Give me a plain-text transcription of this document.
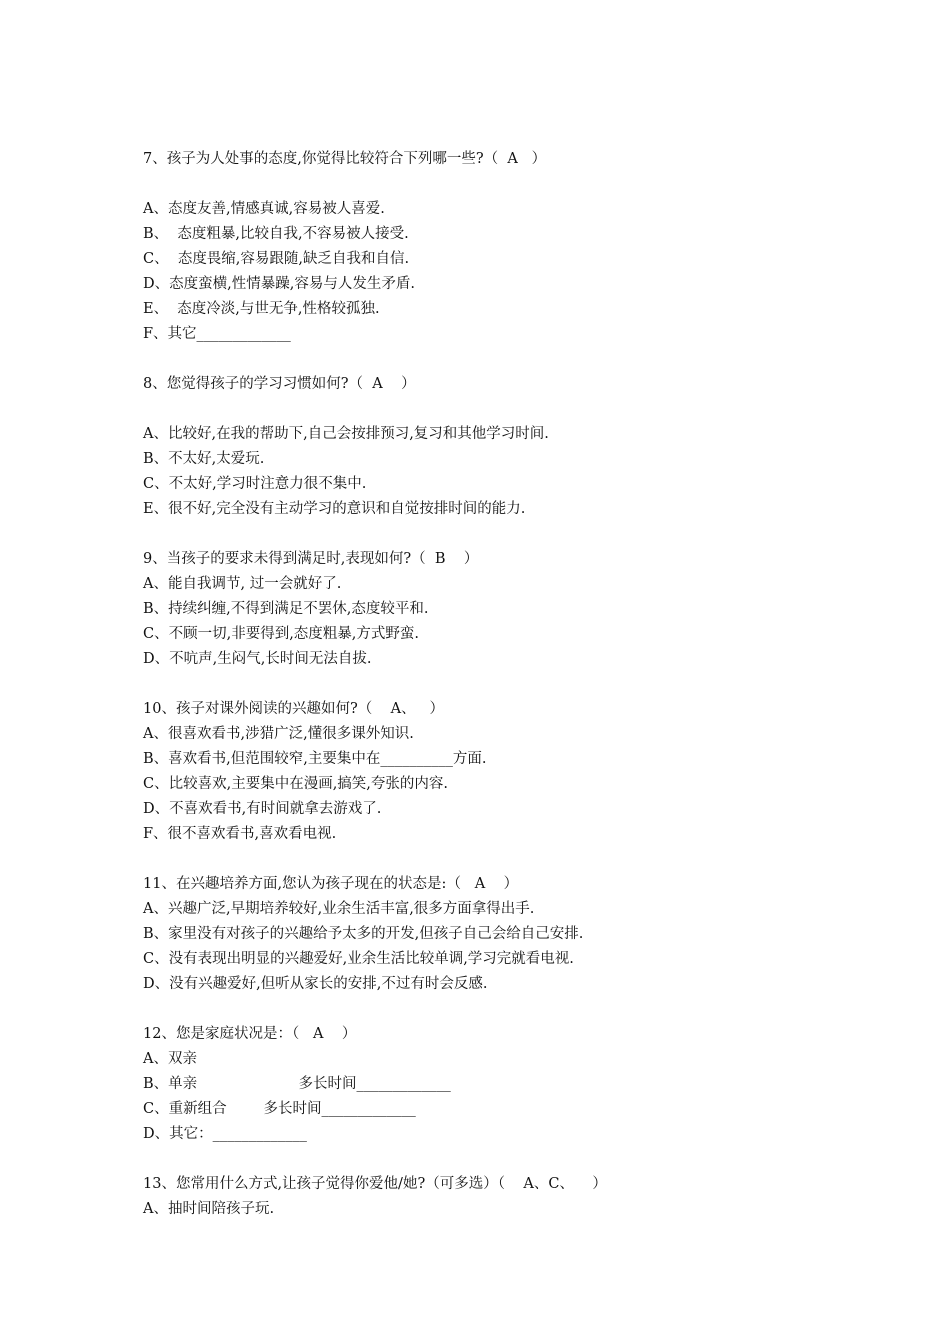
7、孩子为人处事的态度,你觉得比较符合下列哪一些?（  A   ）
A、态度友善,情感真诚,容易被人喜爱.
B、  态度粗暴,比较自我,不容易被人接受.
C、  态度畏缩,容易跟随,缺乏自我和自信.
D、态度蛮横,性情暴躁,容易与人发生矛盾.
E、  态度冷淡,与世无争,性格较孤独.
F、其它_____________
8、您觉得孩子的学习习惯如何?（  A    ）
A、比较好,在我的帮助下,自己会按排预习,复习和其他学习时间.
B、不太好,太爱玩.
C、不太好,学习时注意力很不集中.
E、很不好,完全没有主动学习的意识和自觉按排时间的能力.
9、当孩子的要求未得到满足时,表现如何?（  B    ）
A、能自我调节, 过一会就好了.
B、持续纠缠,不得到满足不罢休,态度较平和.
C、不顾一切,非要得到,态度粗暴,方式野蛮.
D、不吭声,生闷气,长时间无法自拔.
10、孩子对课外阅读的兴趣如何?（    A、   ）
A、很喜欢看书,涉猎广泛,懂很多课外知识.
B、喜欢看书,但范围较窄,主要集中在__________方面.
C、比较喜欢,主要集中在漫画,搞笑,夸张的内容.
D、不喜欢看书,有时间就拿去游戏了.
F、很不喜欢看书,喜欢看电视.
11、在兴趣培养方面,您认为孩子现在的状态是:（   A    ）
A、兴趣广泛,早期培养较好,业余生活丰富,很多方面拿得出手.
B、家里没有对孩子的兴趣给予太多的开发,但孩子自己会给自己安排.
C、没有表现出明显的兴趣爱好,业余生活比较单调,学习完就看电视.
D、没有兴趣爱好,但听从家长的安排,不过有时会反感.
12、您是家庭状况是：（   A    ）
A、双亲
B、单亲                      多长时间_____________
C、重新组合        多长时间_____________
D、其它：_____________
13、您常用什么方式,让孩子觉得你爱他/她?（可多选）（    A、C、    ）
A、抽时间陪孩子玩.
